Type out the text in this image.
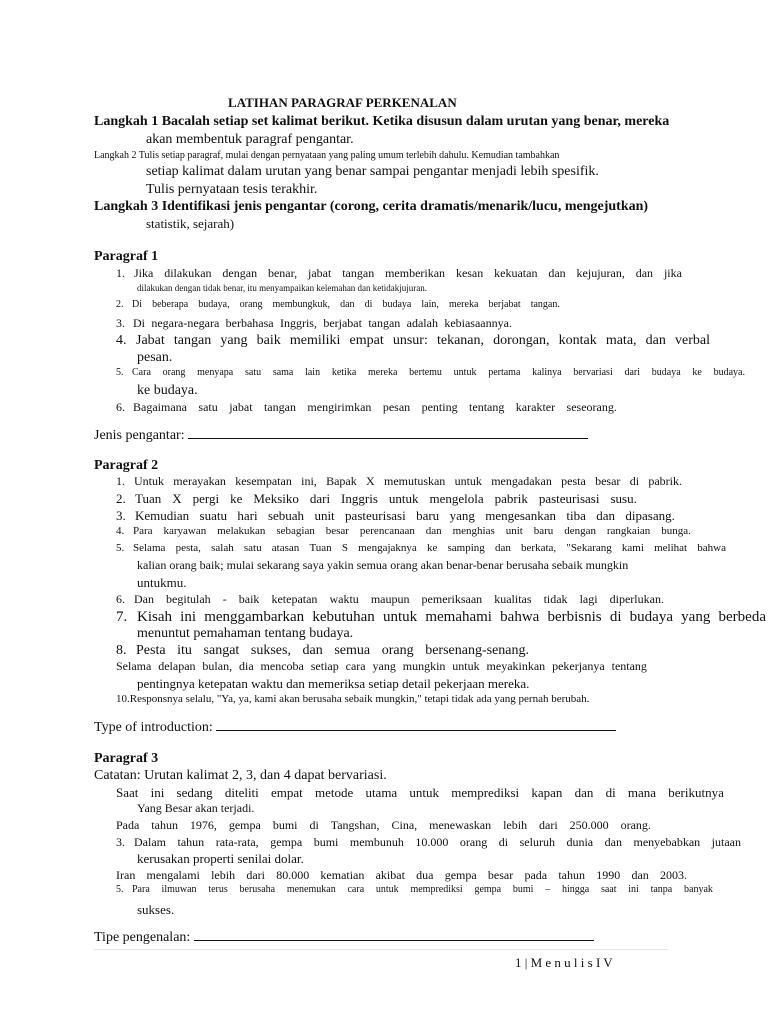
LATIHAN PARAGRAF PERKENALAN
Langkah 1 Bacalah setiap set kalimat berikut. Ketika disusun dalam urutan yang benar, mereka
akan membentuk paragraf pengantar.
Langkah 2 Tulis setiap paragraf, mulai dengan pernyataan yang paling umum terlebih dahulu. Kemudian tambahkan
setiap kalimat dalam urutan yang benar sampai pengantar menjadi lebih spesifik.
Tulis pernyataan tesis terakhir.
Langkah 3 Identifikasi jenis pengantar (corong, cerita dramatis/menarik/lucu, mengejutkan)
statistik, sejarah)
Paragraf 1
1. Jika dilakukan dengan benar, jabat tangan memberikan kesan kekuatan dan kejujuran, dan jika
dilakukan dengan tidak benar, itu menyampaikan kelemahan dan ketidakjujuran.
2. Di beberapa budaya, orang membungkuk, dan di budaya lain, mereka berjabat tangan.
3. Di negara-negara berbahasa Inggris, berjabat tangan adalah kebiasaannya.
4. Jabat tangan yang baik memiliki empat unsur: tekanan, dorongan, kontak mata, dan verbal
pesan.
5. Cara orang menyapa satu sama lain ketika mereka bertemu untuk pertama kalinya bervariasi dari budaya ke budaya.
ke budaya.
6. Bagaimana satu jabat tangan mengirimkan pesan penting tentang karakter seseorang.
Jenis pengantar:
Paragraf 2
1. Untuk merayakan kesempatan ini, Bapak X memutuskan untuk mengadakan pesta besar di pabrik.
2. Tuan X pergi ke Meksiko dari Inggris untuk mengelola pabrik pasteurisasi susu.
3. Kemudian suatu hari sebuah unit pasteurisasi baru yang mengesankan tiba dan dipasang.
4. Para karyawan melakukan sebagian besar perencanaan dan menghias unit baru dengan rangkaian bunga.
5. Selama pesta, salah satu atasan Tuan S mengajaknya ke samping dan berkata, "Sekarang kami melihat bahwa
kalian orang baik; mulai sekarang saya yakin semua orang akan benar-benar berusaha sebaik mungkin
untukmu.
6. Dan begitulah - baik ketepatan waktu maupun pemeriksaan kualitas tidak lagi diperlukan.
7. Kisah ini menggambarkan kebutuhan untuk memahami bahwa berbisnis di budaya yang berbeda
menuntut pemahaman tentang budaya.
8. Pesta itu sangat sukses, dan semua orang bersenang-senang.
Selama delapan bulan, dia mencoba setiap cara yang mungkin untuk meyakinkan pekerjanya tentang
pentingnya ketepatan waktu dan memeriksa setiap detail pekerjaan mereka.
10.Responsnya selalu, "Ya, ya, kami akan berusaha sebaik mungkin," tetapi tidak ada yang pernah berubah.
Type of introduction:
Paragraf 3
Catatan: Urutan kalimat 2, 3, dan 4 dapat bervariasi.
Saat ini sedang diteliti empat metode utama untuk memprediksi kapan dan di mana berikutnya
Yang Besar akan terjadi.
Pada tahun 1976, gempa bumi di Tangshan, Cina, menewaskan lebih dari 250.000 orang.
3. Dalam tahun rata-rata, gempa bumi membunuh 10.000 orang di seluruh dunia dan menyebabkan jutaan
kerusakan properti senilai dolar.
Iran mengalami lebih dari 80.000 kematian akibat dua gempa besar pada tahun 1990 dan 2003.
5. Para ilmuwan terus berusaha menemukan cara untuk memprediksi gempa bumi – hingga saat ini tanpa banyak
sukses.
Tipe pengenalan:
1 | M e n u l i s I V
